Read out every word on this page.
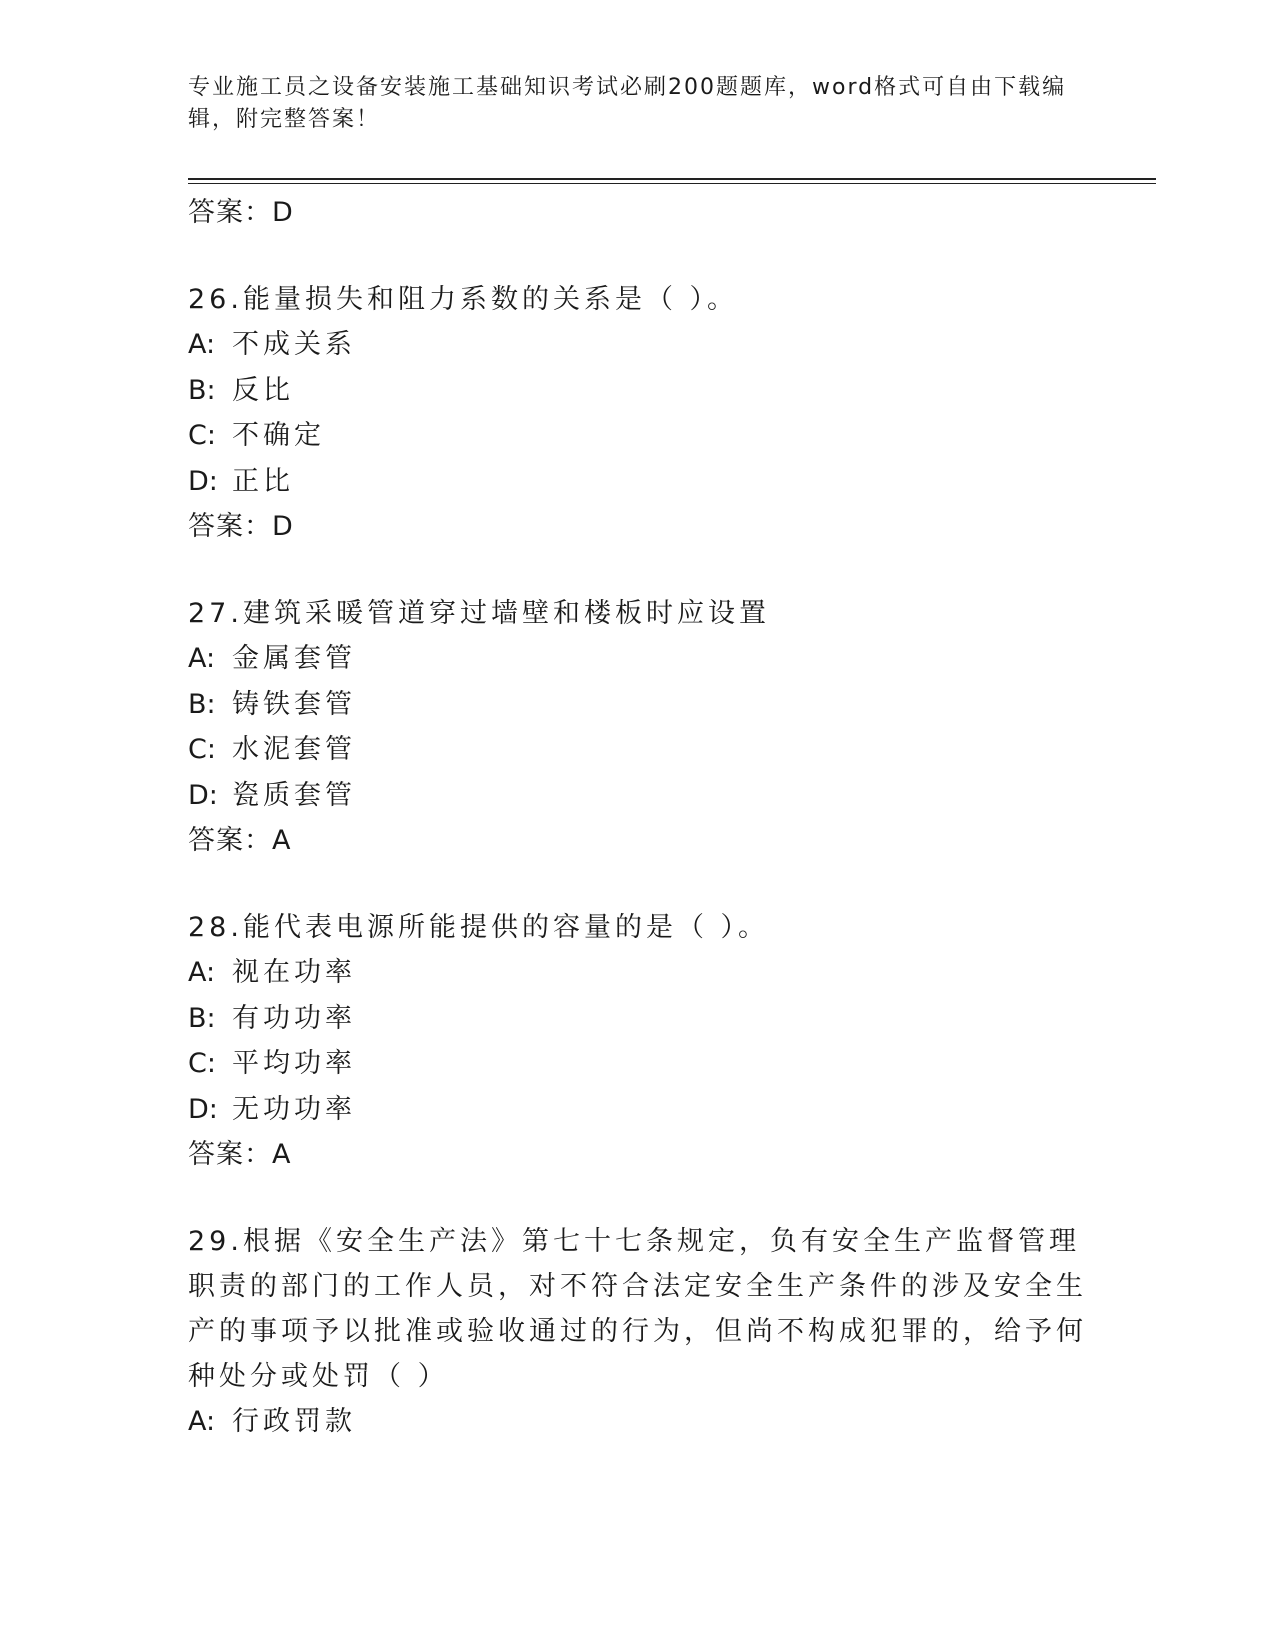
专业施工员之设备安装施工基础知识考试必刷200题题库，word格式可自由下载编辑，附完整答案！

答案：D

26.能量损失和阻力系数的关系是（ ）。

A: 不成关系
B: 反比
C: 不确定
D: 正比

答案：D

27.建筑采暖管道穿过墙壁和楼板时应设置

A: 金属套管
B: 铸铁套管
C: 水泥套管
D: 瓷质套管

答案：A

28.能代表电源所能提供的容量的是（ ）。

A: 视在功率
B: 有功功率
C: 平均功率
D: 无功功率

答案：A

29.根据《安全生产法》第七十七条规定，负有安全生产监督管理职责的部门的工作人员，对不符合法定安全生产条件的涉及安全生产的事项予以批准或验收通过的行为，但尚不构成犯罪的，给予何种处分或处罚（ ）

A: 行政罚款
